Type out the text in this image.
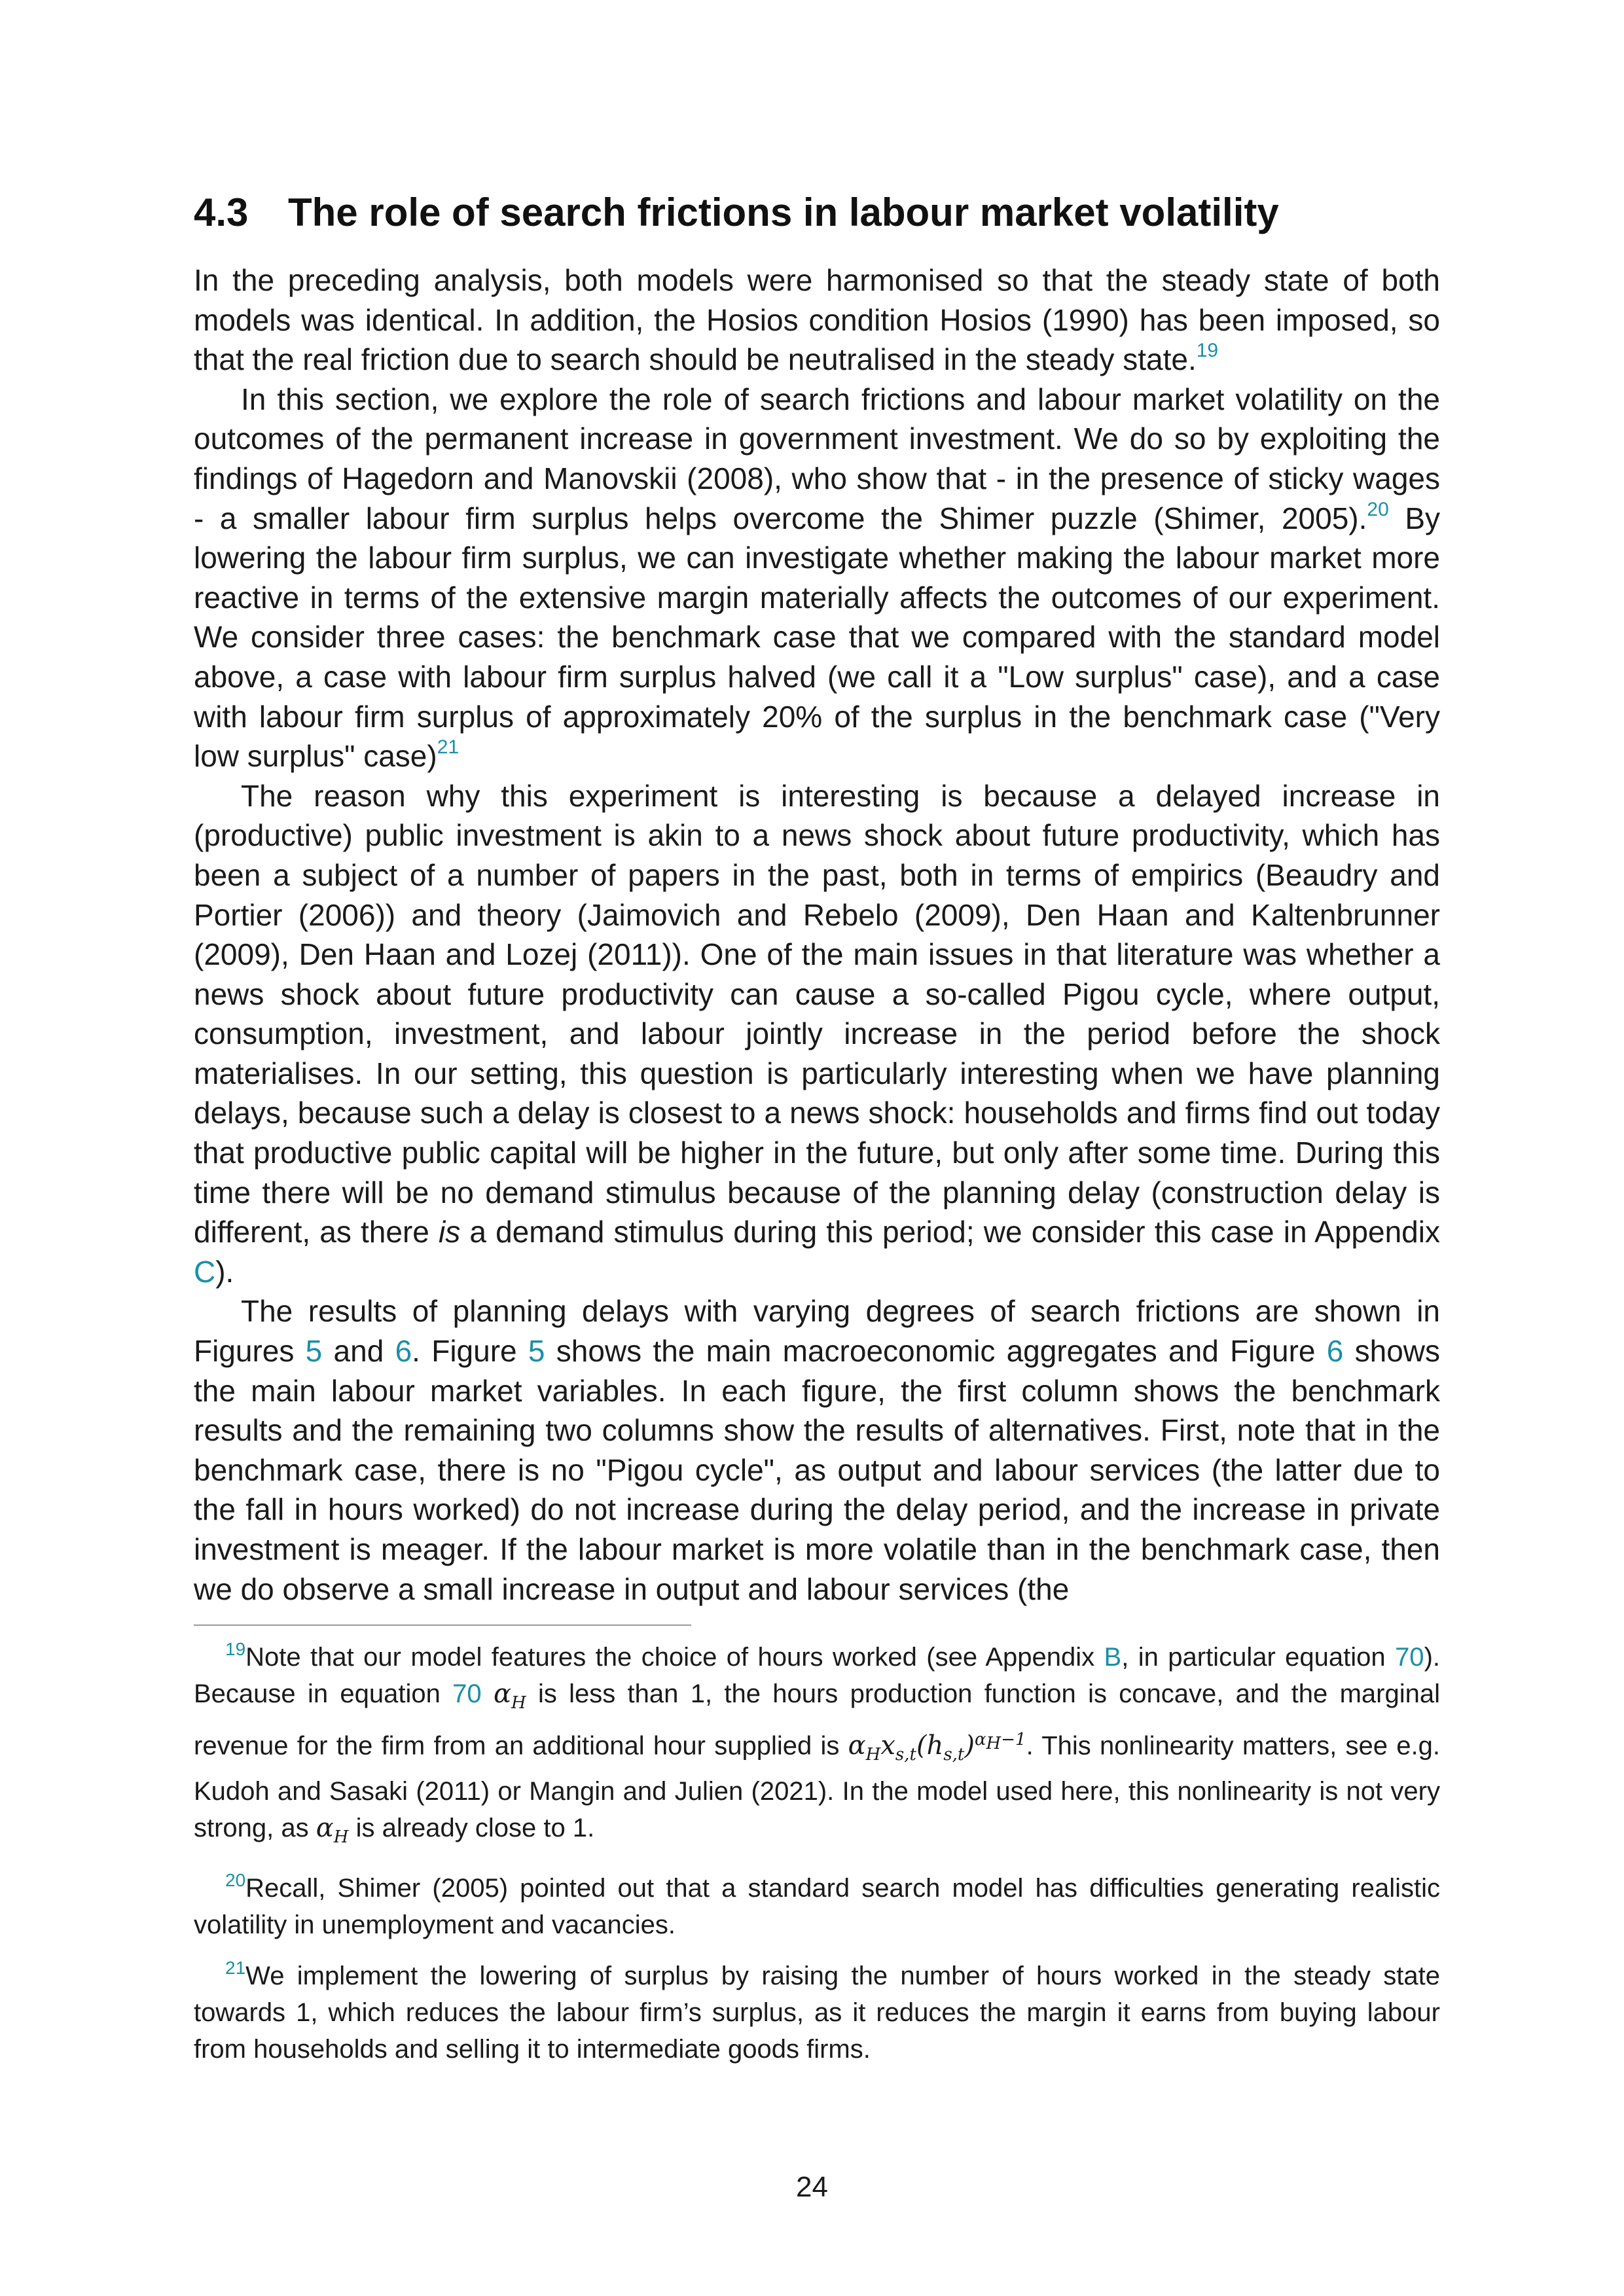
4.3 The role of search frictions in labour market volatility

In the preceding analysis, both models were harmonised so that the steady state of both models was identical. In addition, the Hosios condition Hosios (1990) has been imposed, so that the real friction due to search should be neutralised in the steady state.$^{19}$

In this section, we explore the role of search frictions and labour market volatility on the outcomes of the permanent increase in government investment. We do so by exploiting the findings of Hagedorn and Manovskii (2008), who show that - in the presence of sticky wages - a smaller labour firm surplus helps overcome the Shimer puzzle (Shimer, 2005).$^{20}$ By lowering the labour firm surplus, we can investigate whether making the labour market more reactive in terms of the extensive margin materially affects the outcomes of our experiment. We consider three cases: the benchmark case that we compared with the standard model above, a case with labour firm surplus halved (we call it a "Low surplus" case), and a case with labour firm surplus of approximately 20% of the surplus in the benchmark case ("Very low surplus" case)$^{21}$

The reason why this experiment is interesting is because a delayed increase in (productive) public investment is akin to a news shock about future productivity, which has been a subject of a number of papers in the past, both in terms of empirics (Beaudry and Portier (2006)) and theory (Jaimovich and Rebelo (2009), Den Haan and Kaltenbrunner (2009), Den Haan and Lozej (2011)). One of the main issues in that literature was whether a news shock about future productivity can cause a so-called Pigou cycle, where output, consumption, investment, and labour jointly increase in the period before the shock materialises. In our setting, this question is particularly interesting when we have planning delays, because such a delay is closest to a news shock: households and firms find out today that productive public capital will be higher in the future, but only after some time. During this time there will be no demand stimulus because of the planning delay (construction delay is different, as there is a demand stimulus during this period; we consider this case in Appendix C).

The results of planning delays with varying degrees of search frictions are shown in Figures 5 and 6. Figure 5 shows the main macroeconomic aggregates and Figure 6 shows the main labour market variables. In each figure, the first column shows the benchmark results and the remaining two columns show the results of alternatives. First, note that in the benchmark case, there is no "Pigou cycle", as output and labour services (the latter due to the fall in hours worked) do not increase during the delay period, and the increase in private investment is meager. If the labour market is more volatile than in the benchmark case, then we do observe a small increase in output and labour services (the

$^{19}$Note that our model features the choice of hours worked (see Appendix B, in particular equation 70). Because in equation 70 $\alpha_H$ is less than 1, the hours production function is concave, and the marginal revenue for the firm from an additional hour supplied is $\alpha_Hx_{s,t}(h_{s,t})^{\alpha_H-1}$. This nonlinearity matters, see e.g. Kudoh and Sasaki (2011) or Mangin and Julien (2021). In the model used here, this nonlinearity is not very strong, as $\alpha_H$ is already close to 1.

$^{20}$Recall, Shimer (2005) pointed out that a standard search model has difficulties generating realistic volatility in unemployment and vacancies.

$^{21}$We implement the lowering of surplus by raising the number of hours worked in the steady state towards 1, which reduces the labour firm’s surplus, as it reduces the margin it earns from buying labour from households and selling it to intermediate goods firms.

24
